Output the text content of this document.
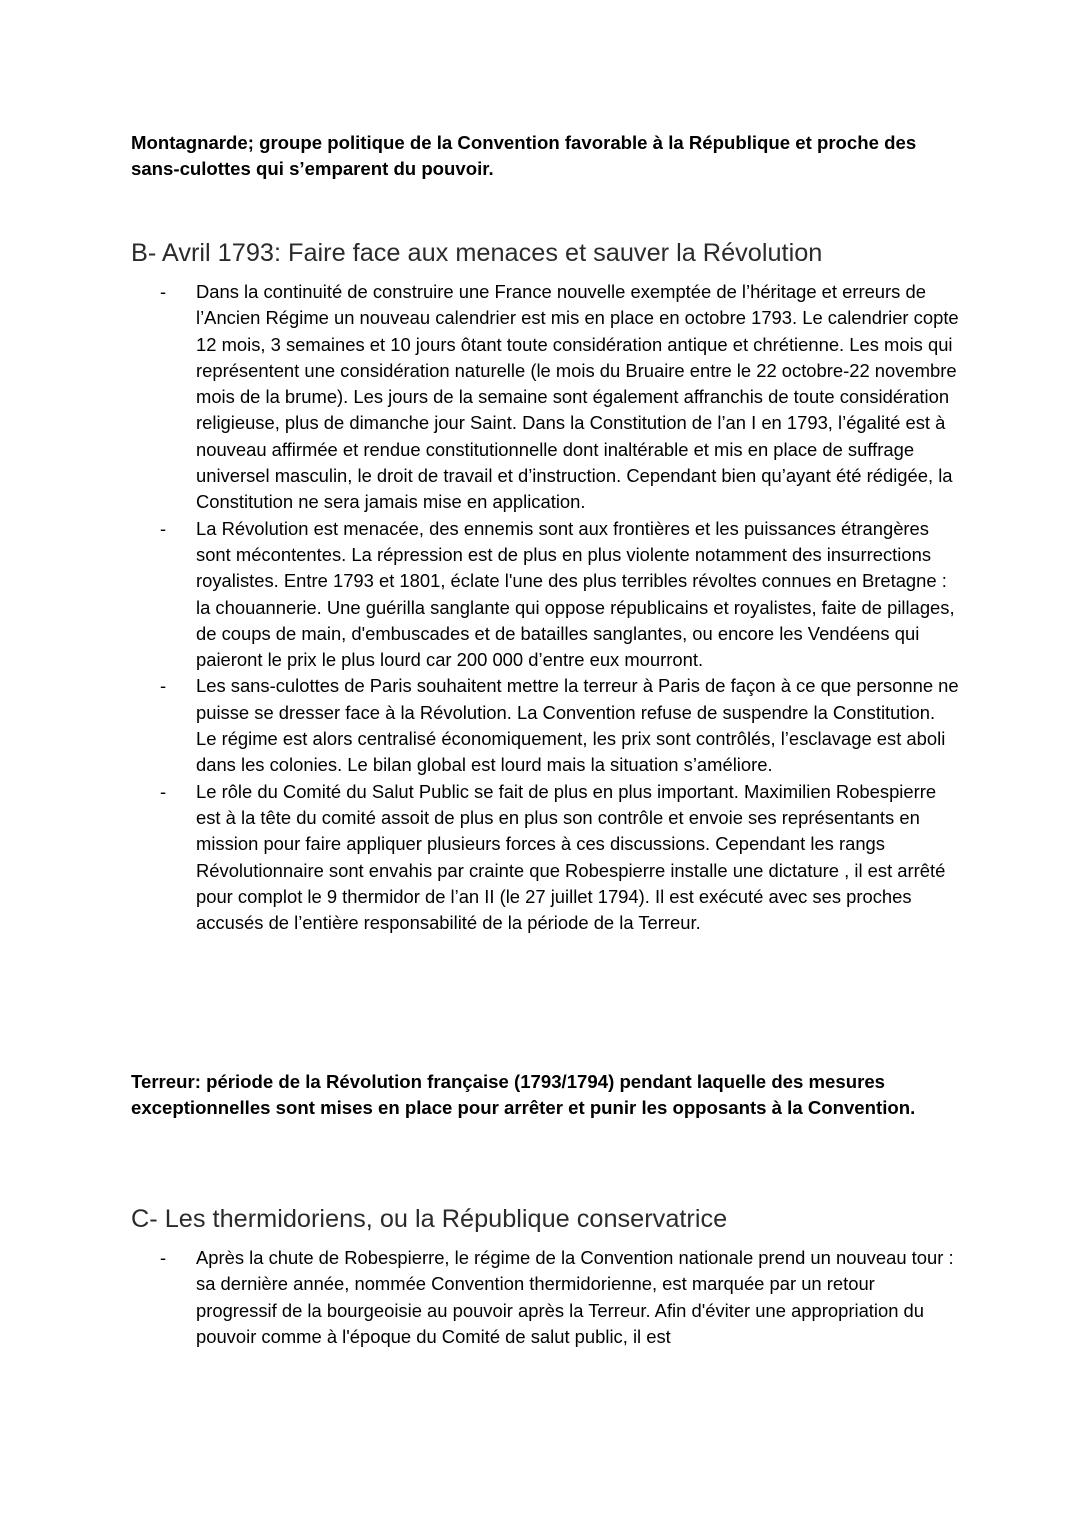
Montagnarde; groupe politique de la Convention favorable à la République et proche des sans-culottes qui s’emparent du pouvoir.

B- Avril 1793: Faire face aux menaces et sauver la Révolution
- Dans la continuité de construire une France nouvelle exemptée de l’héritage et erreurs de l’Ancien Régime un nouveau calendrier est mis en place en octobre 1793. Le calendrier copte 12 mois, 3 semaines et 10 jours ôtant toute considération antique et chrétienne. Les mois qui représentent une considération naturelle (le mois du Bruaire entre le 22 octobre-22 novembre mois de la brume). Les jours de la semaine sont également affranchis de toute considération religieuse, plus de dimanche jour Saint. Dans la Constitution de l’an I en 1793, l’égalité est à nouveau affirmée et rendue constitutionnelle dont inaltérable et mis en place de suffrage universel masculin, le droit de travail et d’instruction. Cependant bien qu’ayant été rédigée, la Constitution ne sera jamais mise en application.
- La Révolution est menacée, des ennemis sont aux frontières et les puissances étrangères sont mécontentes. La répression est de plus en plus violente notamment des insurrections royalistes. Entre 1793 et 1801, éclate l'une des plus terribles révoltes connues en Bretagne : la chouannerie. Une guérilla sanglante qui oppose républicains et royalistes, faite de pillages, de coups de main, d'embuscades et de batailles sanglantes, ou encore les Vendéens qui paieront le prix le plus lourd car 200 000 d’entre eux mourront.
- Les sans-culottes de Paris souhaitent mettre la terreur à Paris de façon à ce que personne ne puisse se dresser face à la Révolution. La Convention refuse de suspendre la Constitution. Le régime est alors centralisé économiquement, les prix sont contrôlés, l’esclavage est aboli dans les colonies. Le bilan global est lourd mais la situation s’améliore.
- Le rôle du Comité du Salut Public se fait de plus en plus important. Maximilien Robespierre est à la tête du comité assoit de plus en plus son contrôle et envoie ses représentants en mission pour faire appliquer plusieurs forces à ces discussions. Cependant les rangs Révolutionnaire sont envahis par crainte que Robespierre installe une dictature , il est arrêté pour complot le 9 thermidor de l’an II (le 27 juillet 1794). Il est exécuté avec ses proches accusés de l’entière responsabilité de la période de la Terreur.

Terreur: période de la Révolution française (1793/1794) pendant laquelle des mesures exceptionnelles sont mises en place pour arrêter et punir les opposants à la Convention.

C- Les thermidoriens, ou la République conservatrice
- Après la chute de Robespierre, le régime de la Convention nationale prend un nouveau tour : sa dernière année, nommée Convention thermidorienne, est marquée par un retour progressif de la bourgeoisie au pouvoir après la Terreur. Afin d'éviter une appropriation du pouvoir comme à l'époque du Comité de salut public, il est
